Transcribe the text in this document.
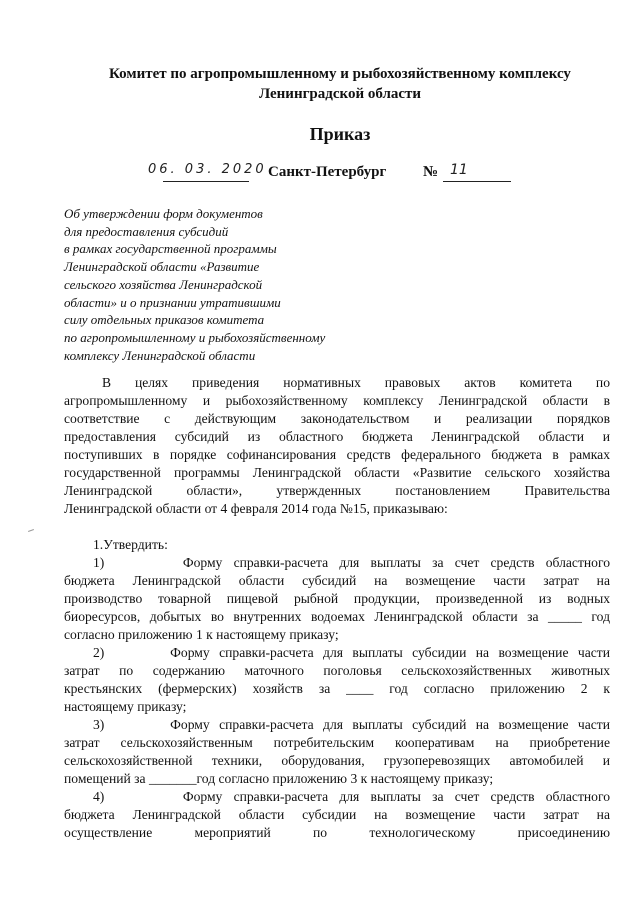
Комитет по агропромышленному и рыбохозяйственному комплексу
Ленинградской области
Приказ
06. 03. 2020 Санкт-Петербург № 11
Об утверждении форм документов
для предоставления субсидий
в рамках государственной программы
Ленинградской области «Развитие
сельского хозяйства Ленинградской
области» и о признании утратившими
силу отдельных приказов комитета
по агропромышленному и рыбохозяйственному
комплексу Ленинградской области
В целях приведения нормативных правовых актов комитета по
агропромышленному и рыбохозяйственному комплексу Ленинградской области в
соответствие с действующим законодательством и реализации порядков
предоставления субсидий из областного бюджета Ленинградской области и
поступивших в порядке софинансирования средств федерального бюджета в рамках
государственной программы Ленинградской области «Развитие сельского хозяйства
Ленинградской области», утвержденных постановлением Правительства
Ленинградской области от 4 февраля 2014 года №15, приказываю:
1.Утвердить:
1)       Форму справки-расчета для выплаты за счет средств областного
бюджета Ленинградской области субсидий на возмещение части затрат на
производство товарной пищевой рыбной продукции, произведенной из водных
биоресурсов, добытых во внутренних водоемах Ленинградской области за _____ год
согласно приложению 1 к настоящему приказу;
2)       Форму справки-расчета для выплаты субсидии на возмещение части
затрат по содержанию маточного поголовья сельскохозяйственных животных
крестьянских (фермерских) хозяйств за ____ год согласно приложению 2 к
настоящему приказу;
3)       Форму справки-расчета для выплаты субсидий на возмещение части
затрат сельскохозяйственным потребительским кооперативам на приобретение
сельскохозяйственной техники, оборудования, грузоперевозящих автомобилей и
помещений за _______год согласно приложению 3 к настоящему приказу;
4)       Форму справки-расчета для выплаты за счет средств областного
бюджета Ленинградской области субсидии на возмещение части затрат на
осуществление мероприятий по технологическому присоединению
